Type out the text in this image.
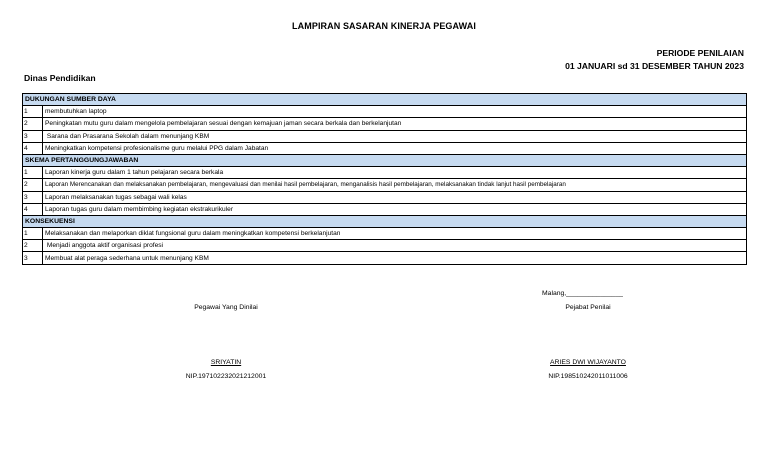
LAMPIRAN SASARAN KINERJA PEGAWAI
PERIODE PENILAIAN
01 JANUARI sd 31 DESEMBER TAHUN 2023
Dinas Pendidikan
DUKUNGAN SUMBER DAYA	
1	membutuhkan laptop
2	Peningkatan mutu guru dalam mengelola pembelajaran sesuai dengan kemajuan jaman secara berkala dan berkelanjutan
3	Sarana dan Prasarana Sekolah dalam menunjang KBM
4	Meningkatkan kompetensi profesionalisme guru melalui PPG dalam Jabatan
SKEMA PERTANGGUNGJAWABAN	
1	Laporan kinerja guru dalam 1 tahun pelajaran secara berkala
2	Laporan Merencanakan dan melaksanakan pembelajaran, mengevaluasi dan menilai hasil pembelajaran, menganalisis hasil pembelajaran, melaksanakan tindak lanjut hasil pembelajaran
3	Laporan melaksanakan tugas sebagai wali kelas
4	Laporan tugas guru dalam membimbing kegiatan ekstrakurikuler
KONSEKUENSI	
1	Melaksanakan dan melaporkan diklat fungsional guru dalam meningkatkan kompetensi berkelanjutan
2	Menjadi anggota aktif organisasi profesi
3	Membuat alat peraga sederhana untuk menunjang KBM
Malang,_______________
Pegawai Yang Dinilai	Pejabat Penilai
SRIYATIN	ARIES DWI WIJAYANTO
NIP.197102232021212001	NIP.198510242011011006
